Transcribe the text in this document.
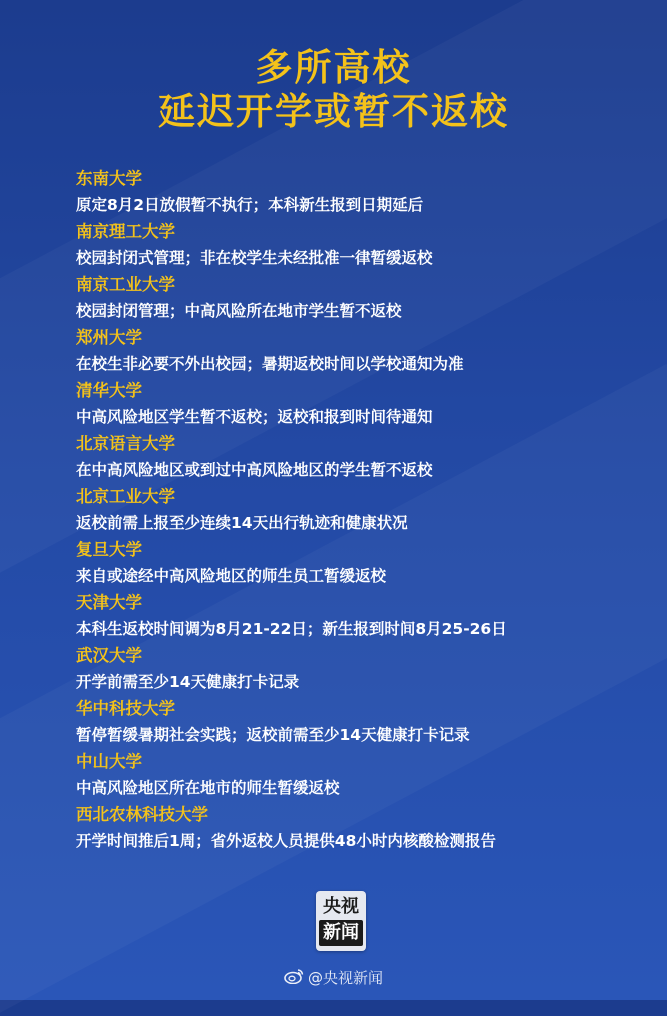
多所高校
延迟开学或暂不返校
东南大学
原定8月2日放假暂不执行；本科新生报到日期延后
南京理工大学
校园封闭式管理；非在校学生未经批准一律暂缓返校
南京工业大学
校园封闭管理；中高风险所在地市学生暂不返校
郑州大学
在校生非必要不外出校园；暑期返校时间以学校通知为准
清华大学
中高风险地区学生暂不返校；返校和报到时间待通知
北京语言大学
在中高风险地区或到过中高风险地区的学生暂不返校
北京工业大学
返校前需上报至少连续14天出行轨迹和健康状况
复旦大学
来自或途经中高风险地区的师生员工暂缓返校
天津大学
本科生返校时间调为8月21-22日；新生报到时间8月25-26日
武汉大学
开学前需至少14天健康打卡记录
华中科技大学
暂停暂缓暑期社会实践；返校前需至少14天健康打卡记录
中山大学
中高风险地区所在地市的师生暂缓返校
西北农林科技大学
开学时间推后1周；省外返校人员提供48小时内核酸检测报告
央视
新闻
@央视新闻
